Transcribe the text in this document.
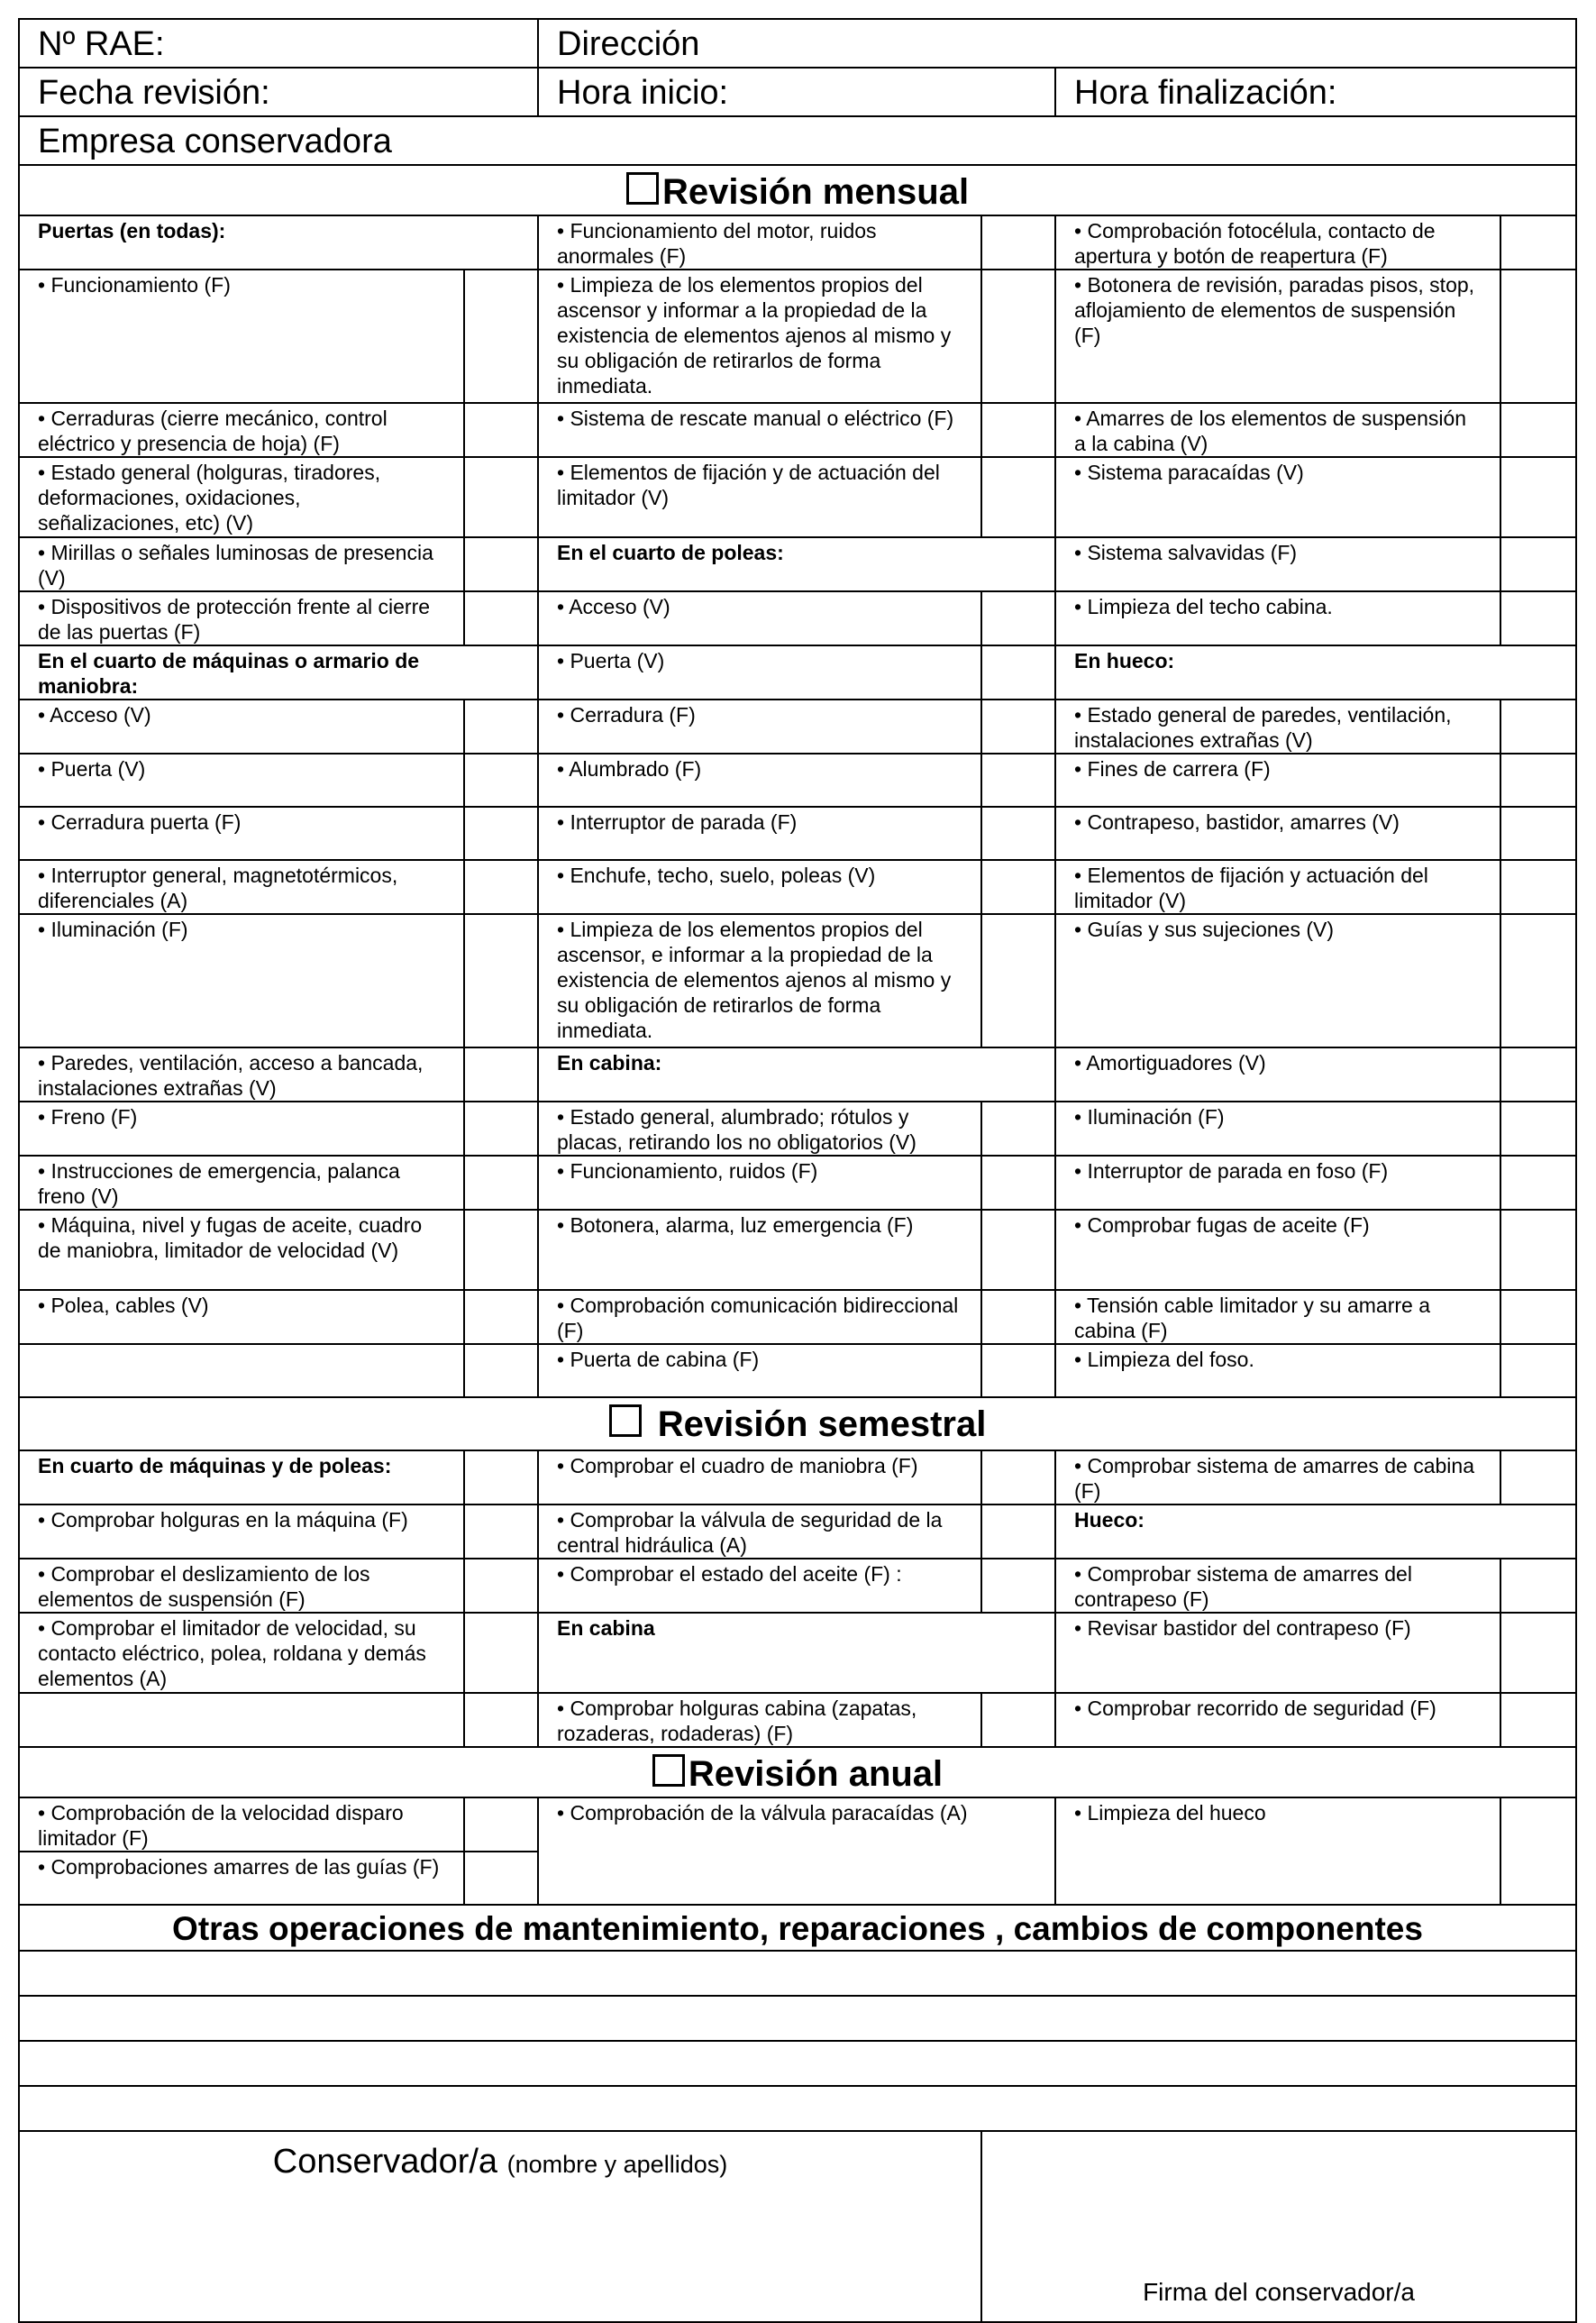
Nº RAE:		Dirección			
Fecha revisión:		Hora inicio:		Hora finalización:	
Empresa conservadora					
Revisión mensual					
Puertas (en todas):		• Funcionamiento del motor, ruidos anormales (F)		• Comprobación fotocélula, contacto de apertura y botón de reapertura (F)	
• Funcionamiento (F)		• Limpieza de los elementos propios del ascensor y informar a la propiedad de la existencia de elementos ajenos al mismo y su obligación de retirarlos de forma inmediata.		• Botonera de revisión, paradas pisos, stop, aflojamiento de elementos de suspensión (F)	
• Cerraduras (cierre mecánico, control eléctrico y presencia de hoja) (F)		• Sistema de rescate manual o eléctrico (F)		• Amarres de los elementos de suspensión a la cabina (V)	
• Estado general (holguras, tiradores, deformaciones, oxidaciones, señalizaciones, etc) (V)		• Elementos de fijación y de actuación del limitador (V)		• Sistema paracaídas (V)	
• Mirillas o señales luminosas de presencia (V)		En el cuarto de poleas:		• Sistema salvavidas (F)	
• Dispositivos de protección frente al cierre de las puertas (F)		• Acceso (V)		• Limpieza del techo cabina.	
En el cuarto de máquinas o armario de maniobra:		• Puerta (V)		En hueco:	
• Acceso (V)		• Cerradura (F)		• Estado general de paredes, ventilación, instalaciones extrañas (V)	
• Puerta (V)		• Alumbrado (F)		• Fines de carrera (F)	
• Cerradura puerta (F)		• Interruptor de parada (F)		• Contrapeso, bastidor, amarres (V)	
• Interruptor general, magnetotérmicos, diferenciales (A)		• Enchufe, techo, suelo, poleas (V)		• Elementos de fijación y actuación del limitador (V)	
• Iluminación (F)		• Limpieza de los elementos propios del ascensor, e informar a la propiedad de la existencia de elementos ajenos al mismo y su obligación de retirarlos de forma inmediata.		• Guías y sus sujeciones (V)	
• Paredes, ventilación, acceso a bancada, instalaciones extrañas (V)		En cabina:		• Amortiguadores (V)	
• Freno (F)		• Estado general, alumbrado; rótulos y placas, retirando los no obligatorios (V)		• Iluminación (F)	
• Instrucciones de emergencia, palanca freno (V)		• Funcionamiento, ruidos (F)		• Interruptor de parada en foso (F)	
• Máquina, nivel y fugas de aceite, cuadro de maniobra, limitador de velocidad (V)		• Botonera, alarma, luz emergencia (F)		• Comprobar fugas de aceite (F)	
• Polea, cables (V)		• Comprobación comunicación bidireccional (F)		• Tensión cable limitador y su amarre a cabina (F)	
		• Puerta de cabina (F)		• Limpieza del foso.	
Revisión semestral					
En cuarto de máquinas y de poleas:		• Comprobar el cuadro de maniobra (F)		• Comprobar sistema de amarres de cabina (F)	
• Comprobar holguras en la máquina (F)		• Comprobar la válvula de seguridad de la central hidráulica (A)		Hueco:	
• Comprobar el deslizamiento de los elementos de suspensión (F)		• Comprobar el estado del aceite (F) :		• Comprobar sistema de amarres del contrapeso (F)	
• Comprobar el limitador de velocidad, su contacto eléctrico, polea, roldana y demás elementos (A)		En cabina		• Revisar bastidor del contrapeso (F)	
		• Comprobar holguras cabina (zapatas, rozaderas, rodaderas) (F)		• Comprobar recorrido de seguridad (F)	
Revisión anual					
• Comprobación de la velocidad disparo limitador (F)		• Comprobación de la válvula paracaídas (A)		• Limpieza del hueco	
• Comprobaciones amarres de las guías (F)					
Otras operaciones de mantenimiento, reparaciones , cambios de componentes					

Conservador/a (nombre y apellidos)			Firma del conservador/a		
